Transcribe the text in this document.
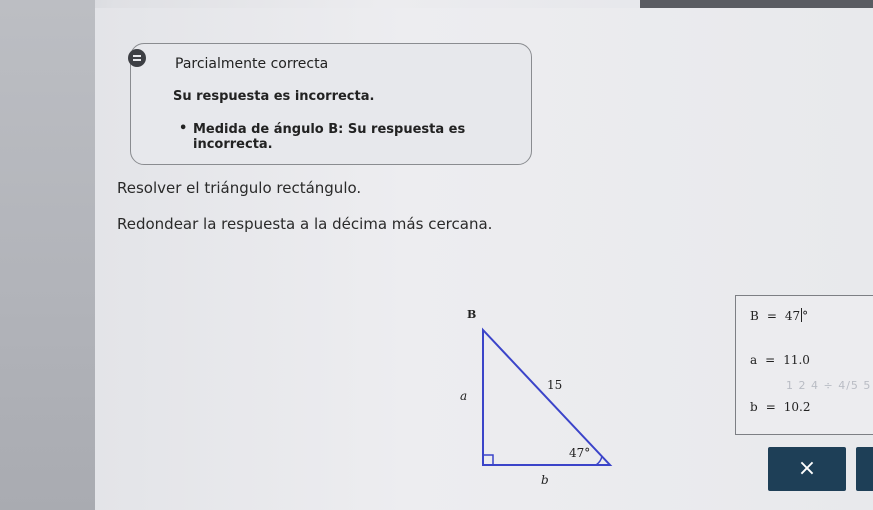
Parcialmente correcta
Su respuesta es incorrecta.
• Medida de ángulo B: Su respuesta es incorrecta.
Resolver el triángulo rectángulo.
Redondear la respuesta a la décima más cercana.
B
a
15
47°
b
B = 47 °
a = 11.0
1 2 4 ÷ 4/5 5
b = 10.2
×
